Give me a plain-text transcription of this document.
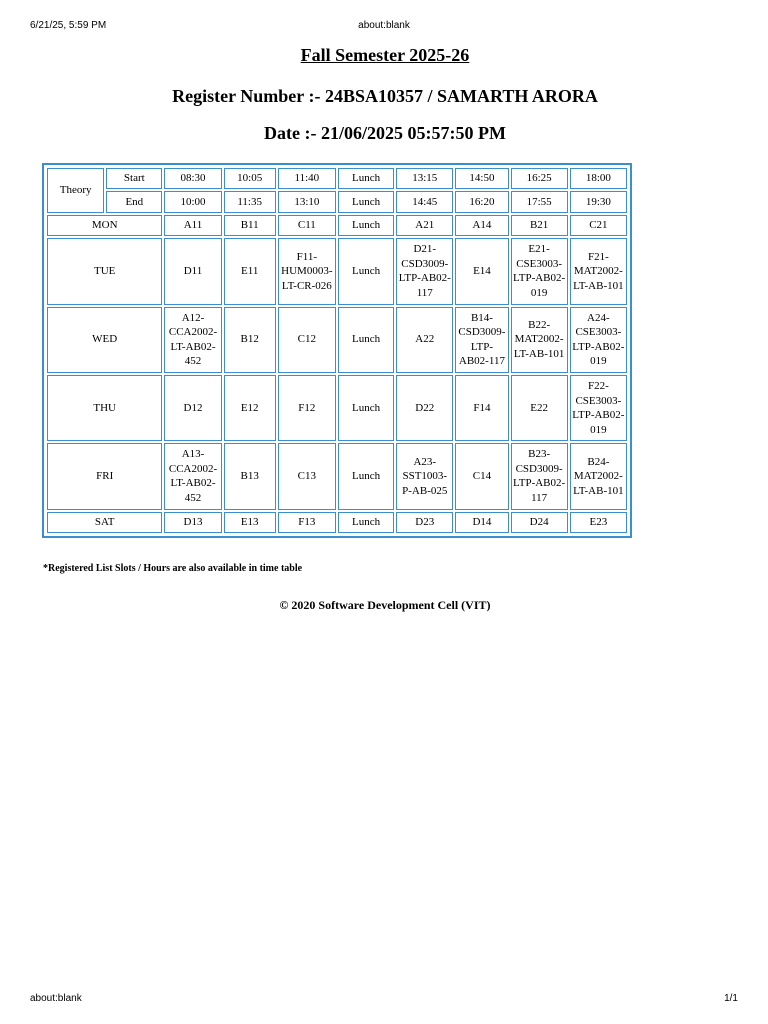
6/21/25, 5:59 PM	about:blank
Fall Semester 2025-26
Register Number :- 24BSA10357 / SAMARTH ARORA
Date :- 21/06/2025 05:57:50 PM
Theory	Start	08:30	10:05	11:40	Lunch	13:15	14:50	16:25	18:00
	End	10:00	11:35	13:10	Lunch	14:45	16:20	17:55	19:30
MON		A11	B11	C11	Lunch	A21	A14	B21	C21
TUE		D11	E11	F11-HUM0003-LT-CR-026	Lunch	D21-CSD3009-LTP-AB02-117	E14	E21-CSE3003-LTP-AB02-019	F21-MAT2002-LT-AB-101
WED		A12-CCA2002-LT-AB02-452	B12	C12	Lunch	A22	B14-CSD3009-LTP-AB02-117	B22-MAT2002-LT-AB-101	A24-CSE3003-LTP-AB02-019
THU		D12	E12	F12	Lunch	D22	F14	E22	F22-CSE3003-LTP-AB02-019
FRI		A13-CCA2002-LT-AB02-452	B13	C13	Lunch	A23-SST1003-P-AB-025	C14	B23-CSD3009-LTP-AB02-117	B24-MAT2002-LT-AB-101
SAT		D13	E13	F13	Lunch	D23	D14	D24	E23
*Registered List Slots / Hours are also available in time table
© 2020 Software Development Cell (VIT)
about:blank	1/1
